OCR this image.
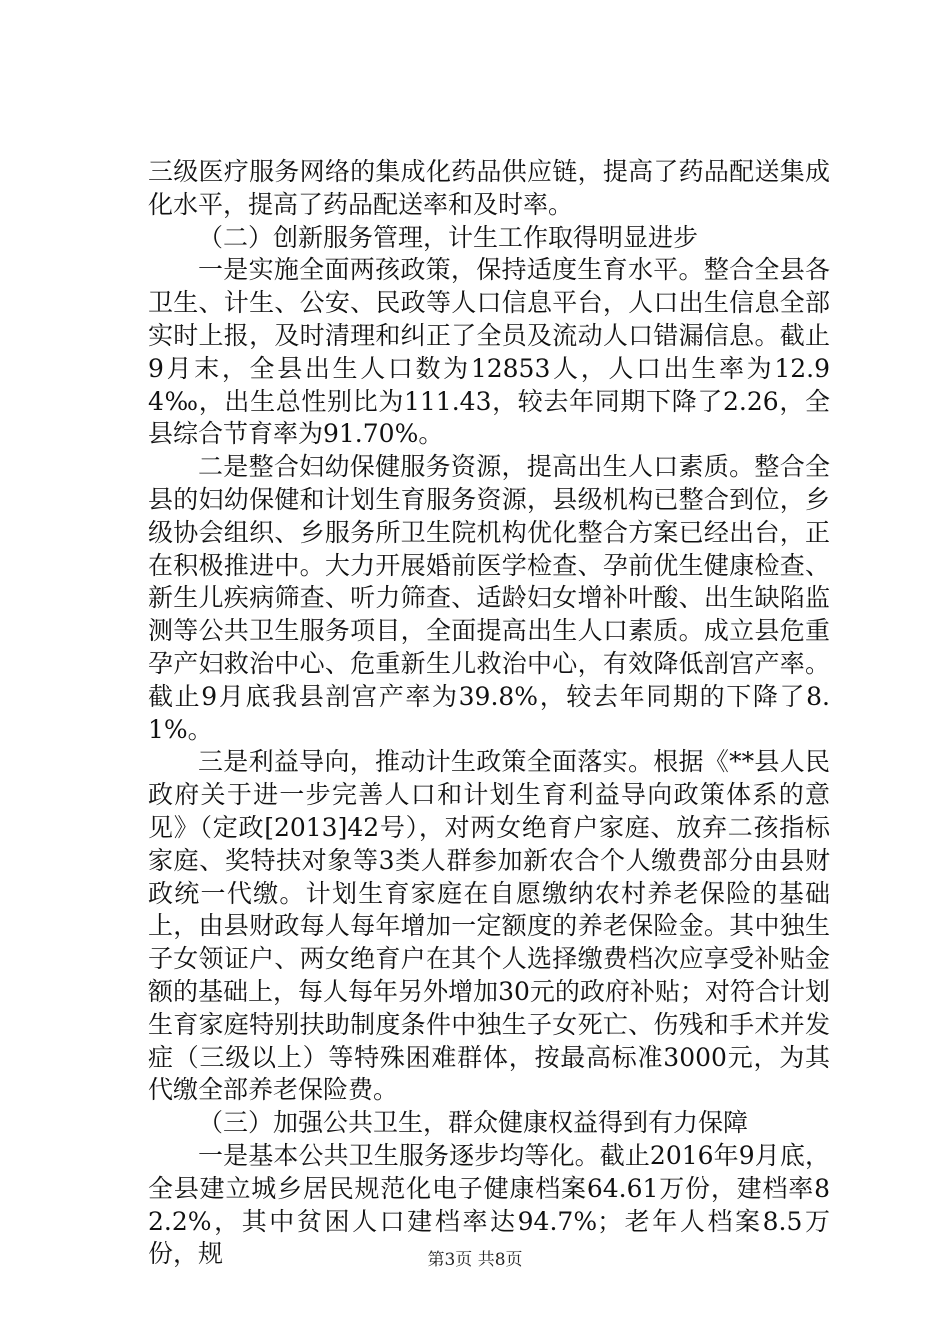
三级医疗服务网络的集成化药品供应链，提高了药品配送集成化水平，提高了药品配送率和及时率。

（二）创新服务管理，计生工作取得明显进步

一是实施全面两孩政策，保持适度生育水平。整合全县各卫生、计生、公安、民政等人口信息平台，人口出生信息全部实时上报，及时清理和纠正了全员及流动人口错漏信息。截止9月末，全县出生人口数为12853人，人口出生率为12.94‰，出生总性别比为111.43，较去年同期下降了2.26，全县综合节育率为91.70%。

二是整合妇幼保健服务资源，提高出生人口素质。整合全县的妇幼保健和计划生育服务资源，县级机构已整合到位，乡级协会组织、乡服务所卫生院机构优化整合方案已经出台，正在积极推进中。大力开展婚前医学检查、孕前优生健康检查、新生儿疾病筛查、听力筛查、适龄妇女增补叶酸、出生缺陷监测等公共卫生服务项目，全面提高出生人口素质。成立县危重孕产妇救治中心、危重新生儿救治中心，有效降低剖宫产率。截止9月底我县剖宫产率为39.8%，较去年同期的下降了8.1%。

三是利益导向，推动计生政策全面落实。根据《**县人民政府关于进一步完善人口和计划生育利益导向政策体系的意见》（定政[2013]42号），对两女绝育户家庭、放弃二孩指标家庭、奖特扶对象等3类人群参加新农合个人缴费部分由县财政统一代缴。计划生育家庭在自愿缴纳农村养老保险的基础上，由县财政每人每年增加一定额度的养老保险金。其中独生子女领证户、两女绝育户在其个人选择缴费档次应享受补贴金额的基础上，每人每年另外增加30元的政府补贴；对符合计划生育家庭特别扶助制度条件中独生子女死亡、伤残和手术并发症（三级以上）等特殊困难群体，按最高标准3000元，为其代缴全部养老保险费。

（三）加强公共卫生，群众健康权益得到有力保障

一是基本公共卫生服务逐步均等化。截止2016年9月底，全县建立城乡居民规范化电子健康档案64.61万份，建档率82.2%，其中贫困人口建档率达94.7%；老年人档案8.5万份，规	第3页 共8页
